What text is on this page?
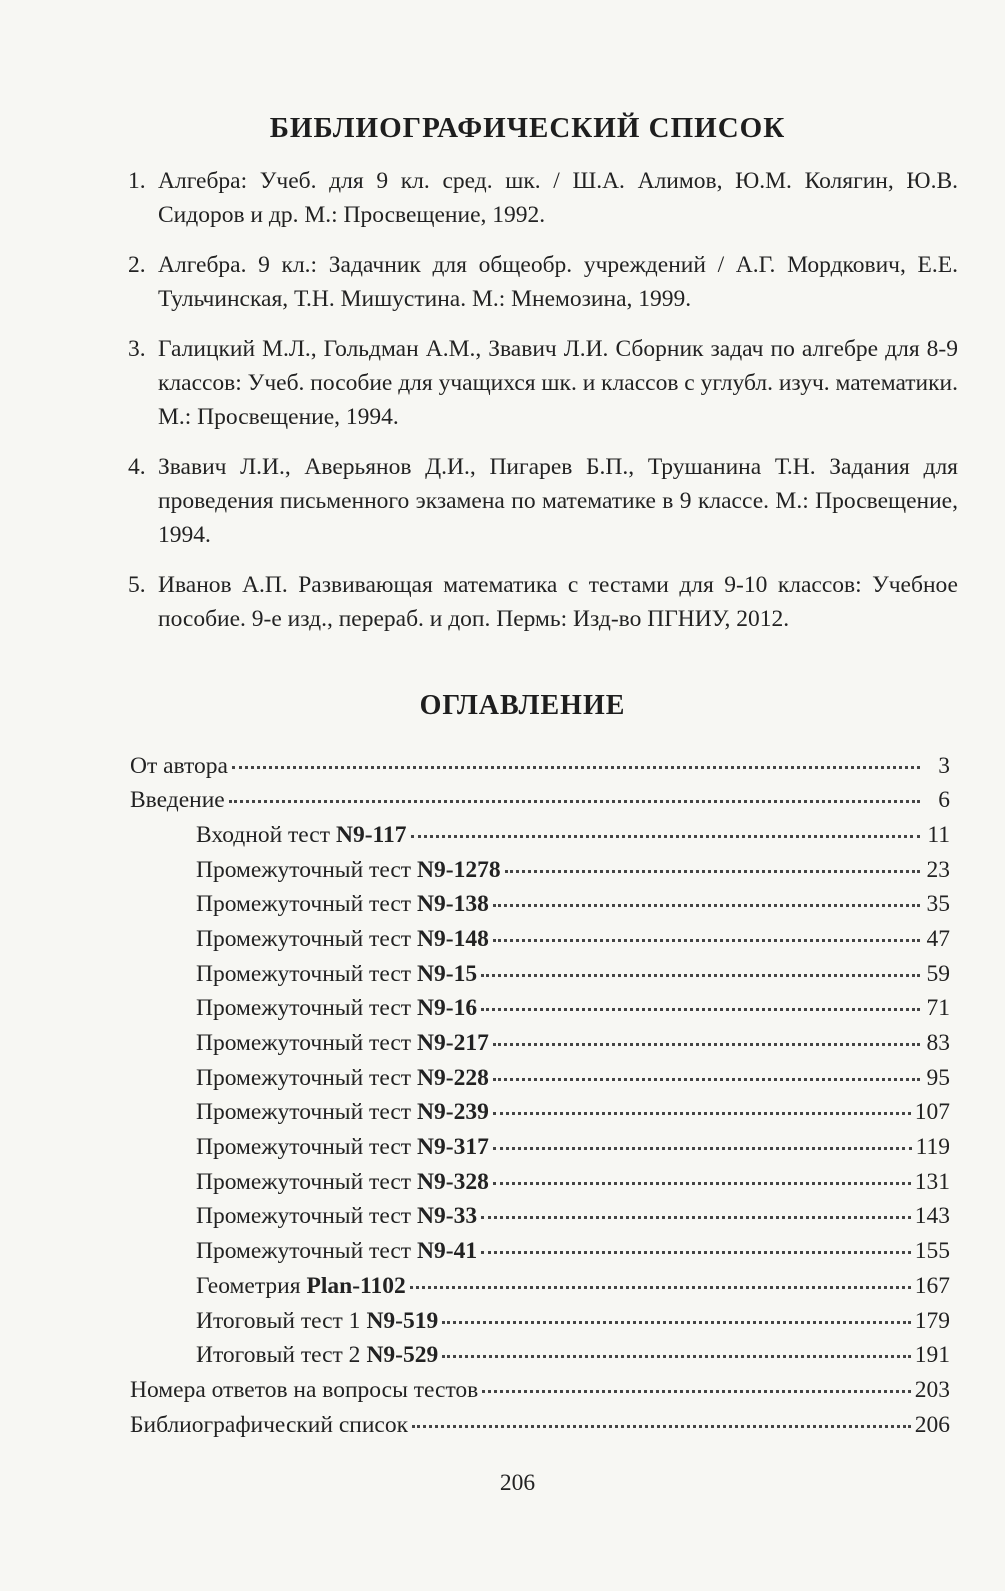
БИБЛИОГРАФИЧЕСКИЙ СПИСОК
1. Алгебра: Учеб. для 9 кл. сред. шк. / Ш.А. Алимов, Ю.М. Колягин, Ю.В. Сидоров и др. М.: Просвещение, 1992.
2. Алгебра. 9 кл.: Задачник для общеобр. учреждений / А.Г. Мордкович, Е.Е. Тульчинская, Т.Н. Мишустина. М.: Мнемозина, 1999.
3. Галицкий М.Л., Гольдман А.М., Звавич Л.И. Сборник задач по алгебре для 8-9 классов: Учеб. пособие для учащихся шк. и классов с углубл. изуч. математики. М.: Просвещение, 1994.
4. Звавич Л.И., Аверьянов Д.И., Пигарев Б.П., Трушанина Т.Н. Задания для проведения письменного экзамена по математике в 9 классе. М.: Просвещение, 1994.
5. Иванов А.П. Развивающая математика с тестами для 9-10 классов: Учебное пособие. 9-е изд., перераб. и доп. Пермь: Изд-во ПГНИУ, 2012.
ОГЛАВЛЕНИЕ
От автора	3
Введение	6
Входной тест N9-117	11
Промежуточный тест N9-1278	23
Промежуточный тест N9-138	35
Промежуточный тест N9-148	47
Промежуточный тест N9-15	59
Промежуточный тест N9-16	71
Промежуточный тест N9-217	83
Промежуточный тест N9-228	95
Промежуточный тест N9-239	107
Промежуточный тест N9-317	119
Промежуточный тест N9-328	131
Промежуточный тест N9-33	143
Промежуточный тест N9-41	155
Геометрия Plan-1102	167
Итоговый тест 1 N9-519	179
Итоговый тест 2 N9-529	191
Номера ответов на вопросы тестов	203
Библиографический список	206
206
